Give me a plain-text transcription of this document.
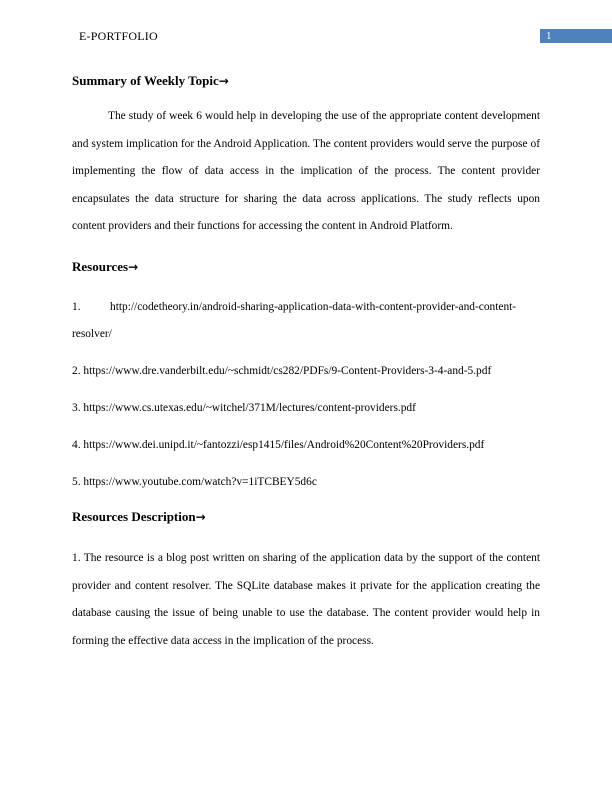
E-PORTFOLIO	1
Summary of Weekly Topic→

The study of week 6 would help in developing the use of the appropriate content development and system implication for the Android Application. The content providers would serve the purpose of implementing the flow of data access in the implication of the process. The content provider encapsulates the data structure for sharing the data across applications. The study reflects upon content providers and their functions for accessing the content in Android Platform.

Resources→

1.	http://codetheory.in/android-sharing-application-data-with-content-provider-and-content-resolver/

2. https://www.dre.vanderbilt.edu/~schmidt/cs282/PDFs/9-Content-Providers-3-4-and-5.pdf

3. https://www.cs.utexas.edu/~witchel/371M/lectures/content-providers.pdf

4. https://www.dei.unipd.it/~fantozzi/esp1415/files/Android%20Content%20Providers.pdf

5. https://www.youtube.com/watch?v=1iTCBEY5d6c

Resources Description→

1. The resource is a blog post written on sharing of the application data by the support of the content provider and content resolver. The SQLite database makes it private for the application creating the database causing the issue of being unable to use the database. The content provider would help in forming the effective data access in the implication of the process.
